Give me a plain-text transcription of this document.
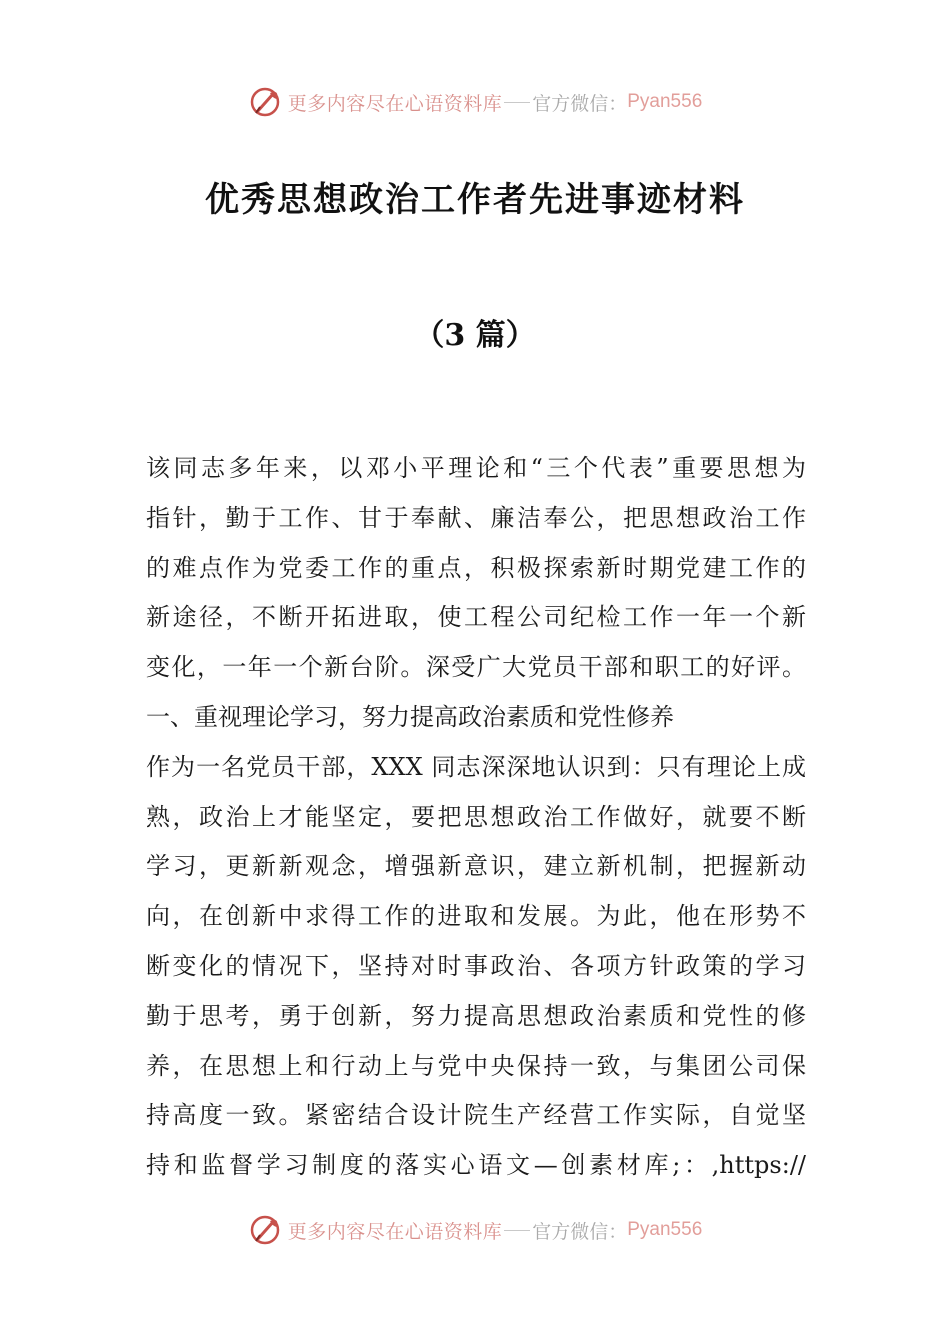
更多内容尽在心语资料库 官方微信： Pyan556
优秀思想政治工作者先进事迹材料
（3 篇）
该同志多年来，以邓小平理论和“三个代表”重要思想为
指针，勤于工作、甘于奉献、廉洁奉公，把思想政治工作
的难点作为党委工作的重点，积极探索新时期党建工作的
新途径，不断开拓进取，使工程公司纪检工作一年一个新
变化，一年一个新台阶。深受广大党员干部和职工的好评。
一、重视理论学习，努力提高政治素质和党性修养
作为一名党员干部，XXX 同志深深地认识到：只有理论上成
熟，政治上才能坚定，要把思想政治工作做好，就要不断
学习，更新新观念，增强新意识，建立新机制，把握新动
向，在创新中求得工作的进取和发展。为此，他在形势不
断变化的情况下，坚持对时事政治、各项方针政策的学习
勤于思考，勇于创新，努力提高思想政治素质和党性的修
养，在思想上和行动上与党中央保持一致，与集团公司保
持高度一致。紧密结合设计院生产经营工作实际，自觉坚
持和监督学习制度的落实心语文—创素材库;：,https://
更多内容尽在心语资料库 官方微信： Pyan556
